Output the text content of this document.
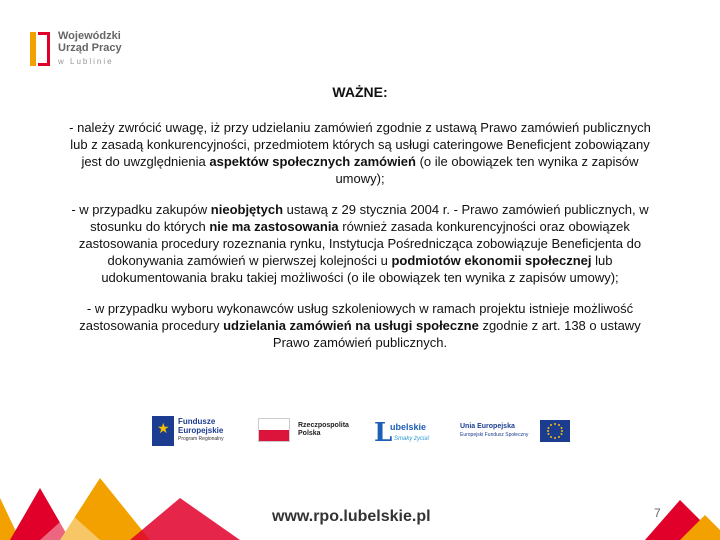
Wojewódzki
Urząd Pracy
w Lublinie
WAŻNE:

- należy zwrócić uwagę, iż przy udzielaniu zamówień zgodnie z ustawą Prawo zamówień publicznych lub z zasadą konkurencyjności, przedmiotem których są usługi cateringowe Beneficjent zobowiązany jest do uwzględnienia aspektów społecznych zamówień (o ile obowiązek ten wynika z zapisów umowy);

- w przypadku zakupów nieobjętych ustawą z 29 stycznia 2004 r. - Prawo zamówień publicznych, w stosunku do których nie ma zastosowania również zasada konkurencyjności oraz obowiązek zastosowania procedury rozeznania rynku, Instytucja Pośrednicząca zobowiązuje Beneficjenta do dokonywania zamówień w pierwszej kolejności u podmiotów ekonomii społecznej lub udokumentowania braku takiej możliwości (o ile obowiązek ten wynika z zapisów umowy);

- w przypadku wyboru wykonawców usług szkoleniowych w ramach projektu istnieje możliwość zastosowania procedury udzielania zamówień na usługi społeczne zgodnie z art. 138 o ustawy Prawo zamówień publicznych.

★ Fundusze Europejskie
Program Regionalny
Rzeczpospolita
Polska	L
ubelskie
Smaky życia!
Unia Europejska
Europejski Fundusz Społeczny
www.rpo.lubelskie.pl	7
